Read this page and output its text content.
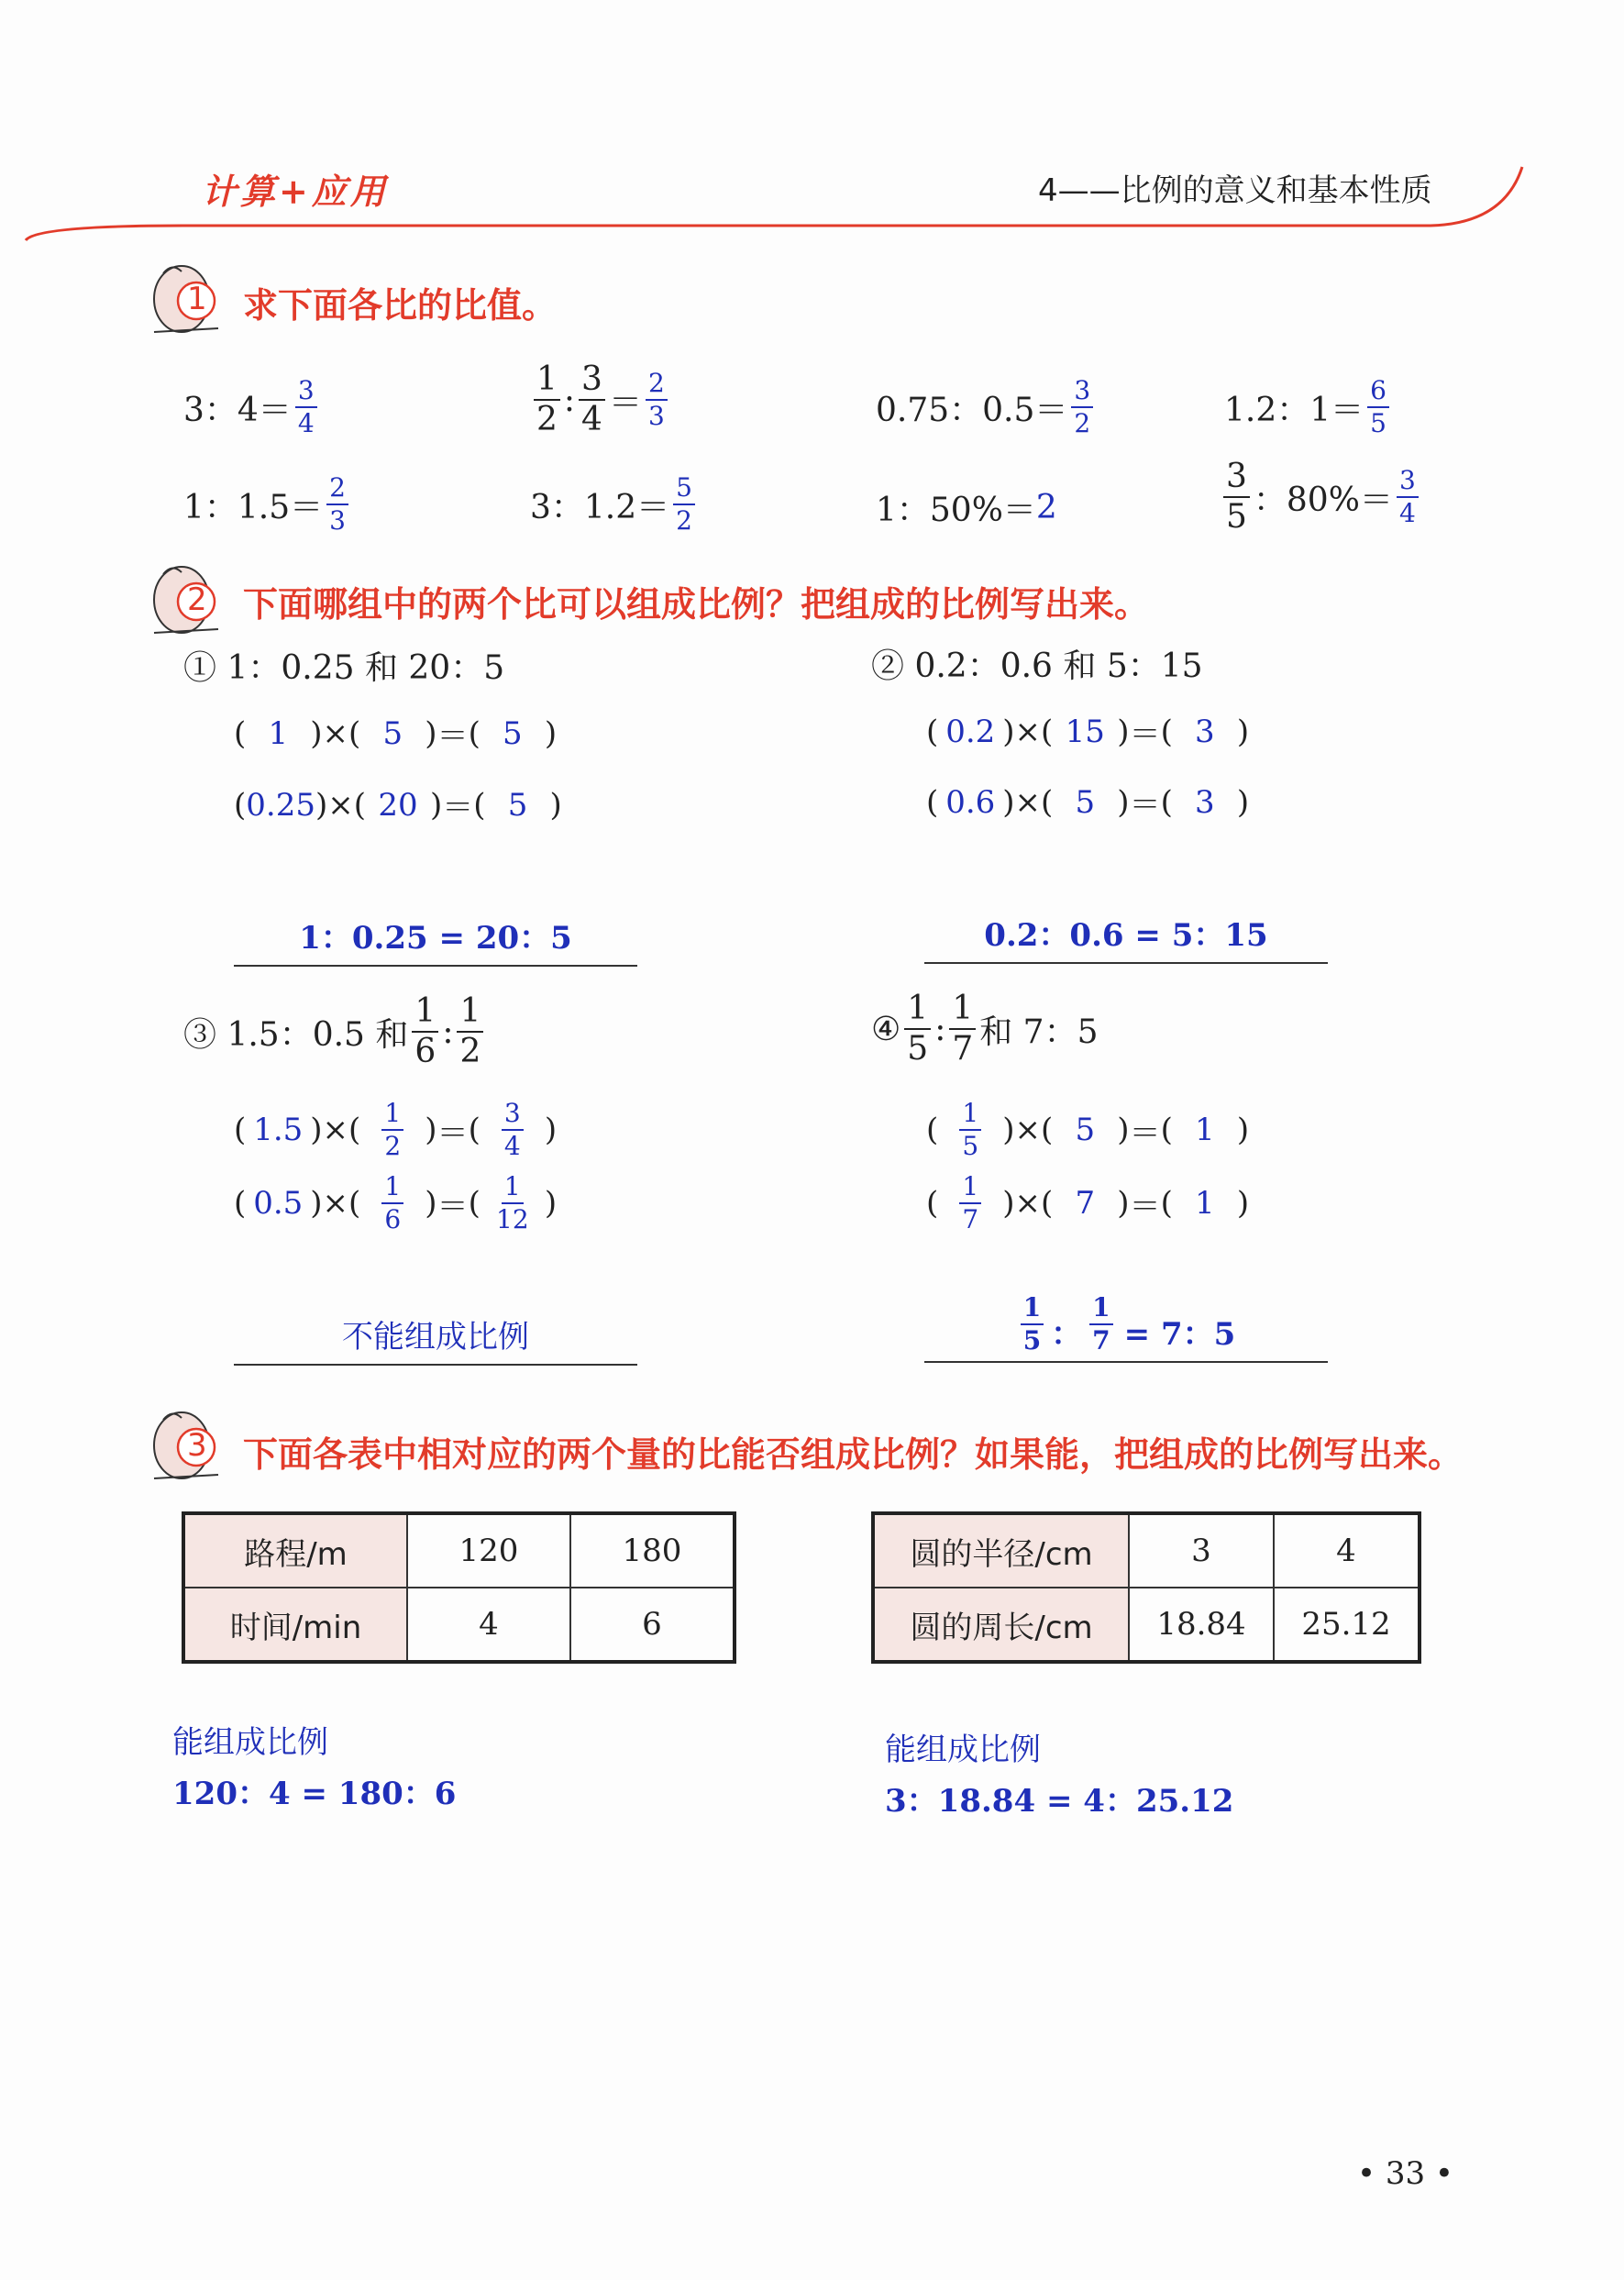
计算+应用	4——比例的意义和基本性质
1 求下面各比的比值。
3：$4= \frac{3}{4}$	$\frac{1}{2}$ : $\frac{3}{4} = \frac{2}{3}$	0.75：$0.5= \frac{3}{2}$	1.2：$1= \frac{6}{5}$
1：$1.5= \frac{2}{3}$	3：$1.2= \frac{5}{2}$	1：50%＝ 2	$\frac{3}{5}$ ：$80\%= \frac{3}{4}$
2 下面哪组中的两个比可以组成比例？把组成的比例写出来。
① 1：0.25 和 20：5
( 1 ) × ( 5 ) ＝ ( 5 )
( 0.25 ) × ( 20 ) ＝ ( 5 )
1：0.25 = 20：5
② 0.2：0.6 和 5：15
( 0.2 ) × ( 15 ) ＝ ( 3 )
( 0.6 ) × ( 5 ) ＝ ( 3 )
0.2：0.6 = 5：15
③ 1.5：0.5 和 $\frac{1}{6}$ : $\frac{1}{2}$
( 1.5 ) × ( $\frac{1}{2}$ ) ＝ ( $\frac{3}{4}$ )
( 0.5 ) × ( $\frac{1}{6}$ ) ＝ ( $\frac{1}{12}$ )
不能组成比例
④ $\frac{1}{5}$ : $\frac{1}{7}$ 和 7：5
( $\frac{1}{5}$ ) × ( 5 ) ＝ ( 1 )
( $\frac{1}{7}$ ) × ( 7 ) ＝ ( 1 )
$\frac{1}{5}$ ： $\frac{1}{7} = 7$：5
3 下面各表中相对应的两个量的比能否组成比例？如果能，把组成的比例写出来。
路程/m	120	180
时间/min	4	6
圆的半径/cm	3	4
圆的周长/cm	18.84	25.12
能组成比例
120：4 = 180：6
能组成比例
3：18.84 = 4：25.12
• 33 •
